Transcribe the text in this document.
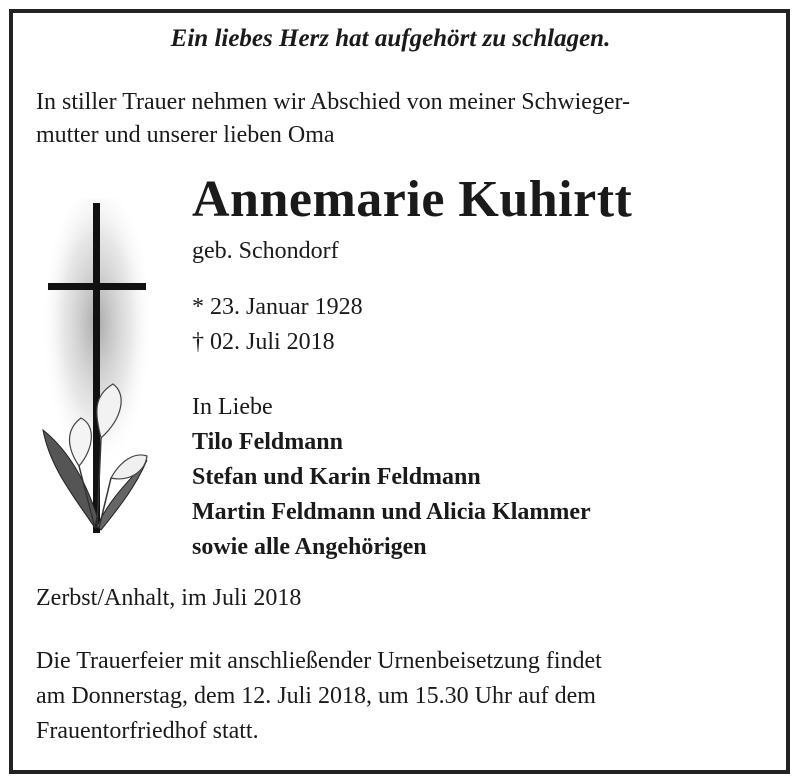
Ein liebes Herz hat aufgehört zu schlagen.
In stiller Trauer nehmen wir Abschied von meiner Schwieger-
mutter und unserer lieben Oma
Annemarie Kuhirtt
geb. Schondorf
* 23. Januar 1928
† 02. Juli 2018
In Liebe
Tilo Feldmann
Stefan und Karin Feldmann
Martin Feldmann und Alicia Klammer
sowie alle Angehörigen
Zerbst/Anhalt, im Juli 2018
Die Trauerfeier mit anschließender Urnenbeisetzung findet
am Donnerstag, dem 12. Juli 2018, um 15.30 Uhr auf dem
Frauentorfriedhof statt.
